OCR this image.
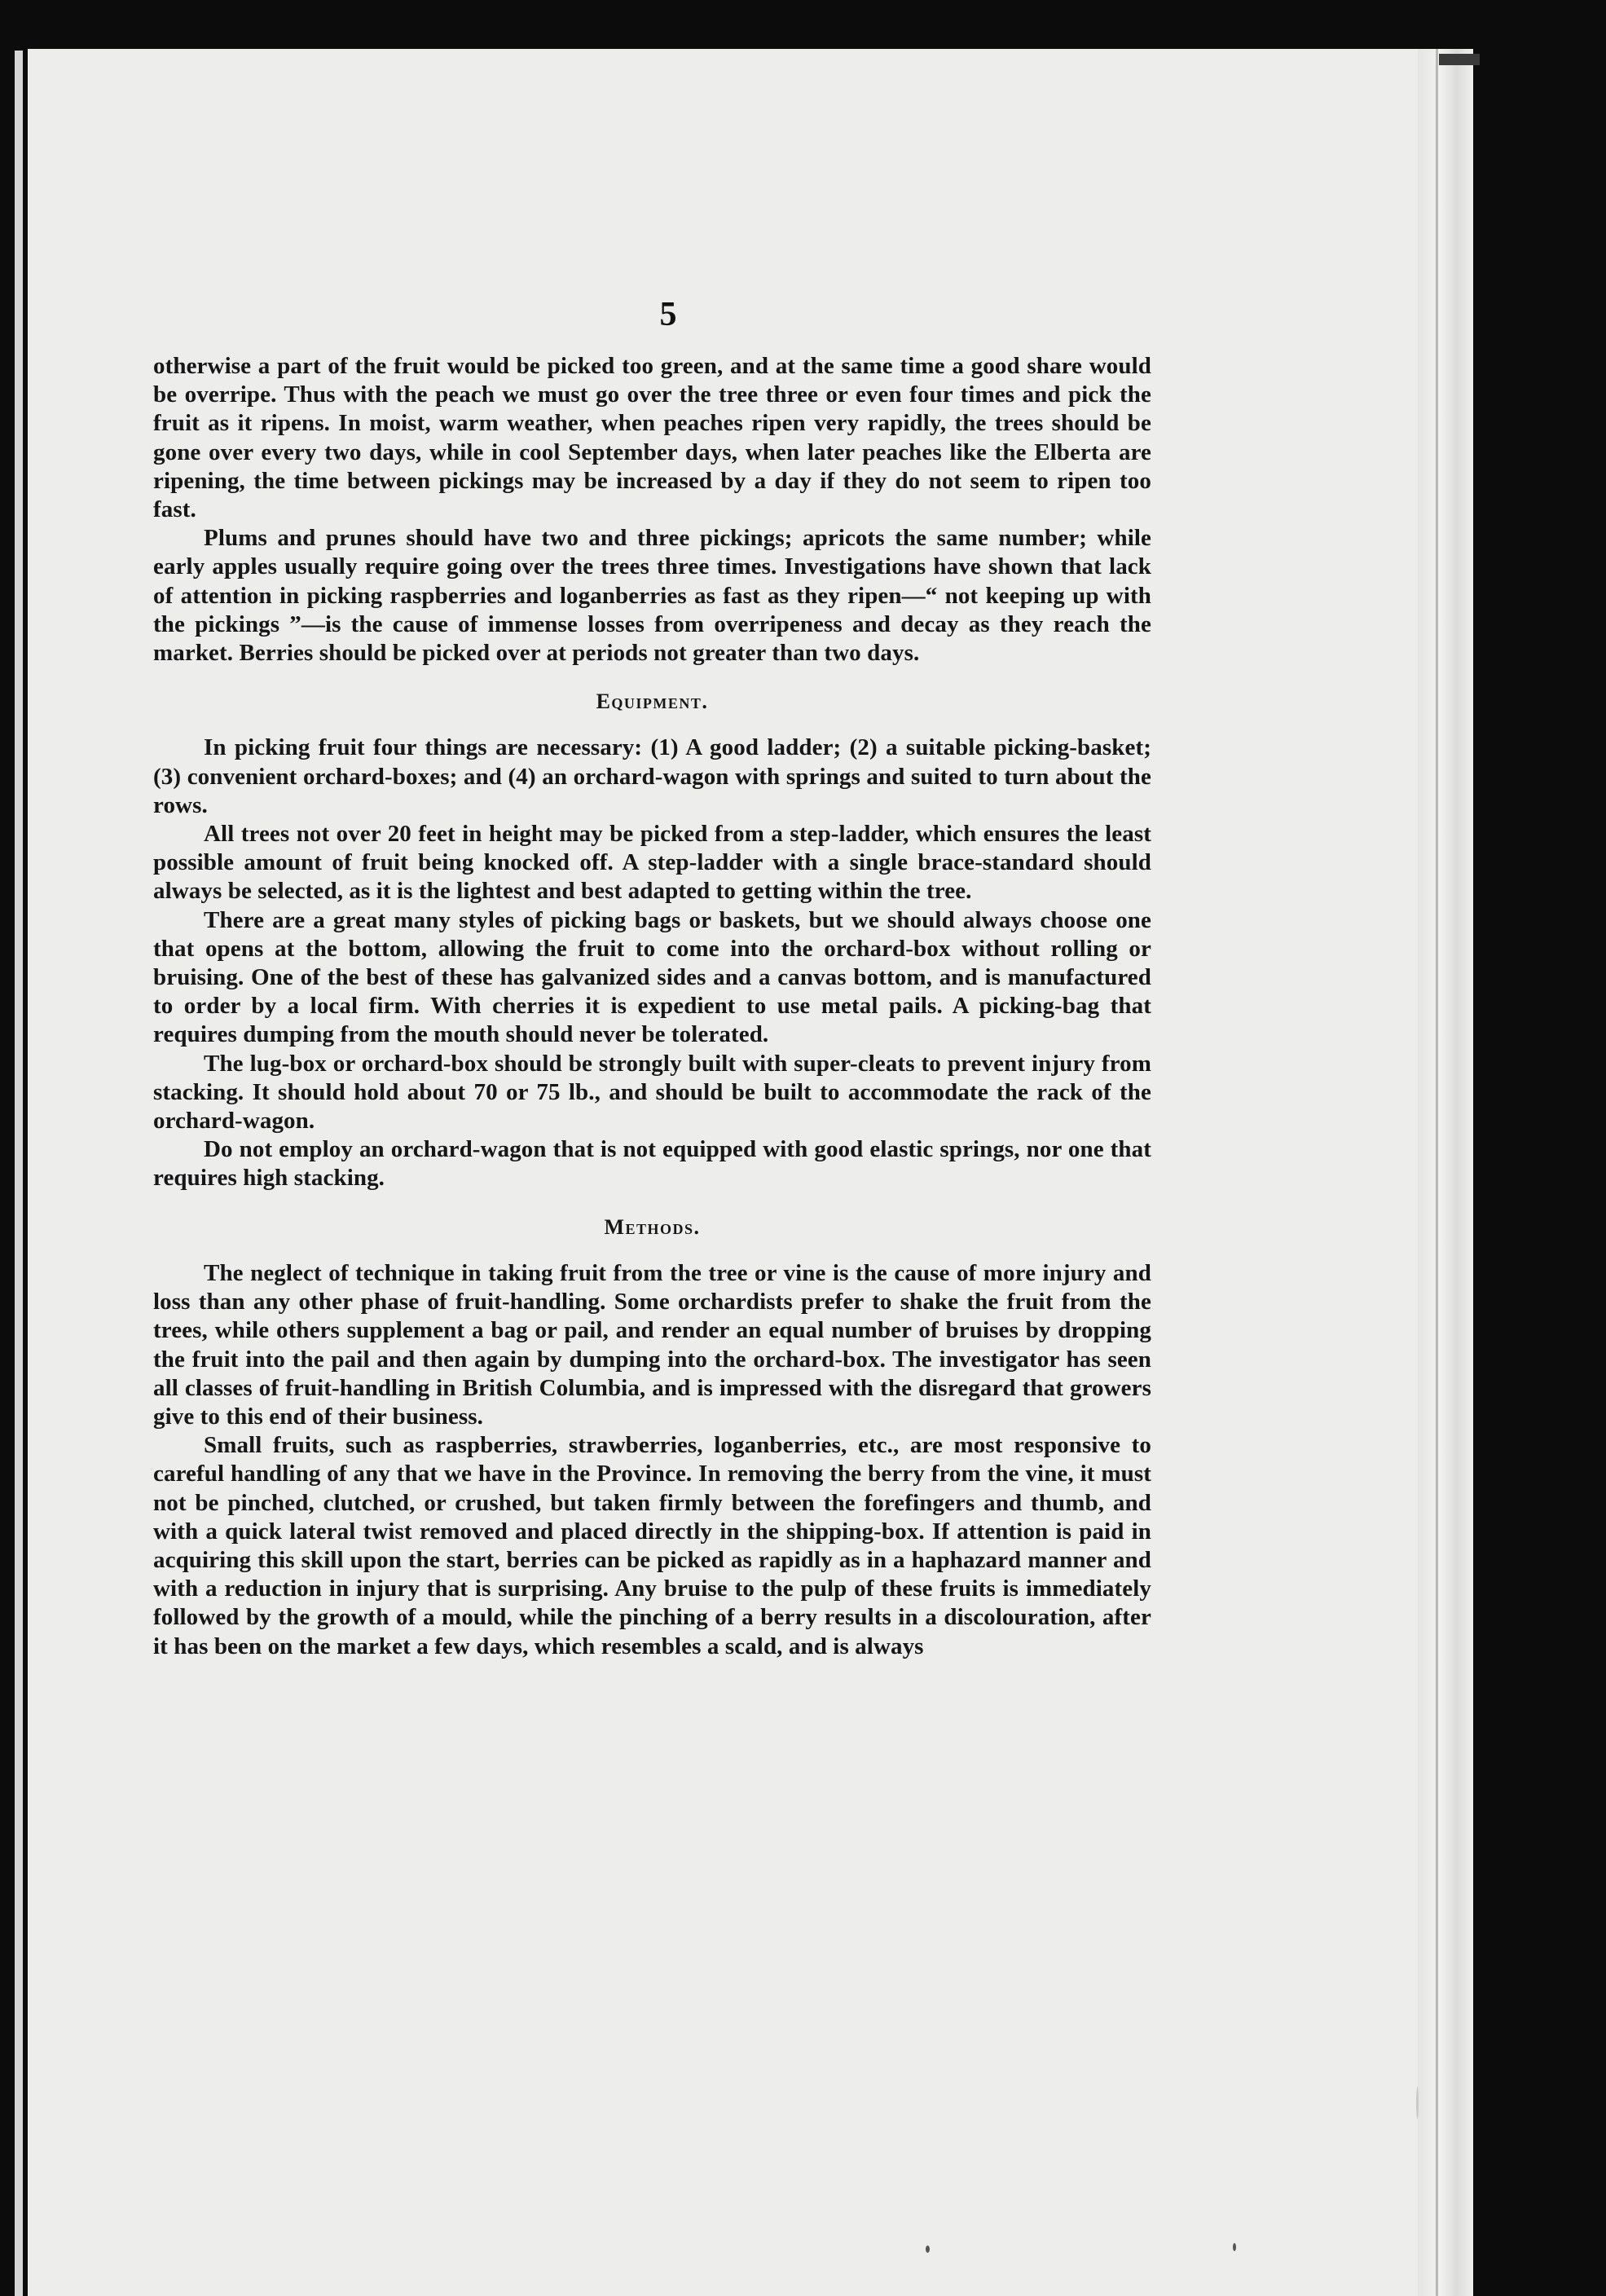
5

otherwise a part of the fruit would be picked too green, and at the same time a good share would be overripe. Thus with the peach we must go over the tree three or even four times and pick the fruit as it ripens. In moist, warm weather, when peaches ripen very rapidly, the trees should be gone over every two days, while in cool September days, when later peaches like the Elberta are ripening, the time between pickings may be increased by a day if they do not seem to ripen too fast.

Plums and prunes should have two and three pickings; apricots the same number; while early apples usually require going over the trees three times. Investigations have shown that lack of attention in picking raspberries and loganberries as fast as they ripen—“ not keeping up with the pickings ”—is the cause of immense losses from overripeness and decay as they reach the market. Berries should be picked over at periods not greater than two days.

Equipment.

In picking fruit four things are necessary: (1) A good ladder; (2) a suitable picking-basket; (3) convenient orchard-boxes; and (4) an orchard-wagon with springs and suited to turn about the rows.

All trees not over 20 feet in height may be picked from a step-ladder, which ensures the least possible amount of fruit being knocked off. A step-ladder with a single brace-standard should always be selected, as it is the lightest and best adapted to getting within the tree.

There are a great many styles of picking bags or baskets, but we should always choose one that opens at the bottom, allowing the fruit to come into the orchard-box without rolling or bruising. One of the best of these has galvanized sides and a canvas bottom, and is manufactured to order by a local firm. With cherries it is expedient to use metal pails. A picking-bag that requires dumping from the mouth should never be tolerated.

The lug-box or orchard-box should be strongly built with super-cleats to prevent injury from stacking. It should hold about 70 or 75 lb., and should be built to accommodate the rack of the orchard-wagon.

Do not employ an orchard-wagon that is not equipped with good elastic springs, nor one that requires high stacking.

Methods.

The neglect of technique in taking fruit from the tree or vine is the cause of more injury and loss than any other phase of fruit-handling. Some orchardists prefer to shake the fruit from the trees, while others supplement a bag or pail, and render an equal number of bruises by dropping the fruit into the pail and then again by dumping into the orchard-box. The investigator has seen all classes of fruit-handling in British Columbia, and is impressed with the disregard that growers give to this end of their business.

Small fruits, such as raspberries, strawberries, loganberries, etc., are most responsive to careful handling of any that we have in the Province. In removing the berry from the vine, it must not be pinched, clutched, or crushed, but taken firmly between the forefingers and thumb, and with a quick lateral twist removed and placed directly in the shipping-box. If attention is paid in acquiring this skill upon the start, berries can be picked as rapidly as in a haphazard manner and with a reduction in injury that is surprising. Any bruise to the pulp of these fruits is immediately followed by the growth of a mould, while the pinching of a berry results in a discolouration, after it has been on the market a few days, which resembles a scald, and is always
